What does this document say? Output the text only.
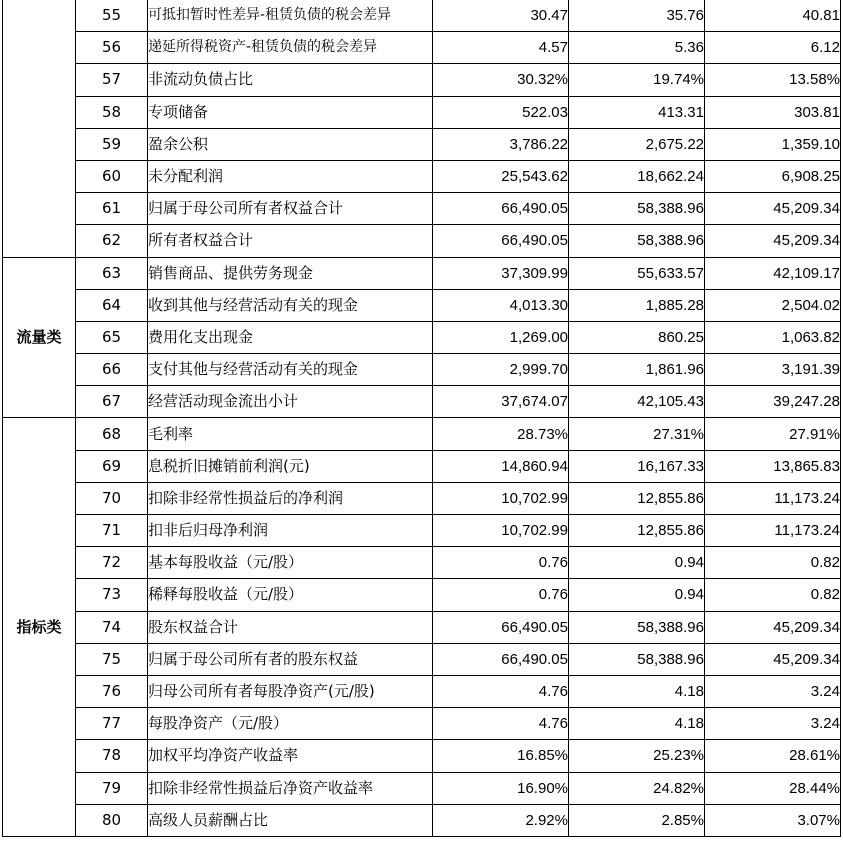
	55	可抵扣暂时性差异-租赁负债的税会差异	30.47	35.76	40.81
	56	递延所得税资产-租赁负债的税会差异	4.57	5.36	6.12
	57	非流动负债占比	30.32%	19.74%	13.58%
	58	专项储备	522.03	413.31	303.81
	59	盈余公积	3,786.22	2,675.22	1,359.10
	60	未分配利润	25,543.62	18,662.24	6,908.25
	61	归属于母公司所有者权益合计	66,490.05	58,388.96	45,209.34
	62	所有者权益合计	66,490.05	58,388.96	45,209.34
流量类	63	销售商品、提供劳务现金	37,309.99	55,633.57	42,109.17
	64	收到其他与经营活动有关的现金	4,013.30	1,885.28	2,504.02
	65	费用化支出现金	1,269.00	860.25	1,063.82
	66	支付其他与经营活动有关的现金	2,999.70	1,861.96	3,191.39
	67	经营活动现金流出小计	37,674.07	42,105.43	39,247.28
指标类	68	毛利率	28.73%	27.31%	27.91%
	69	息税折旧摊销前利润(元)	14,860.94	16,167.33	13,865.83
	70	扣除非经常性损益后的净利润	10,702.99	12,855.86	11,173.24
	71	扣非后归母净利润	10,702.99	12,855.86	11,173.24
	72	基本每股收益（元/股）	0.76	0.94	0.82
	73	稀释每股收益（元/股）	0.76	0.94	0.82
	74	股东权益合计	66,490.05	58,388.96	45,209.34
	75	归属于母公司所有者的股东权益	66,490.05	58,388.96	45,209.34
	76	归母公司所有者每股净资产(元/股)	4.76	4.18	3.24
	77	每股净资产（元/股）	4.76	4.18	3.24
	78	加权平均净资产收益率	16.85%	25.23%	28.61%
	79	扣除非经常性损益后净资产收益率	16.90%	24.82%	28.44%
	80	高级人员薪酬占比	2.92%	2.85%	3.07%
